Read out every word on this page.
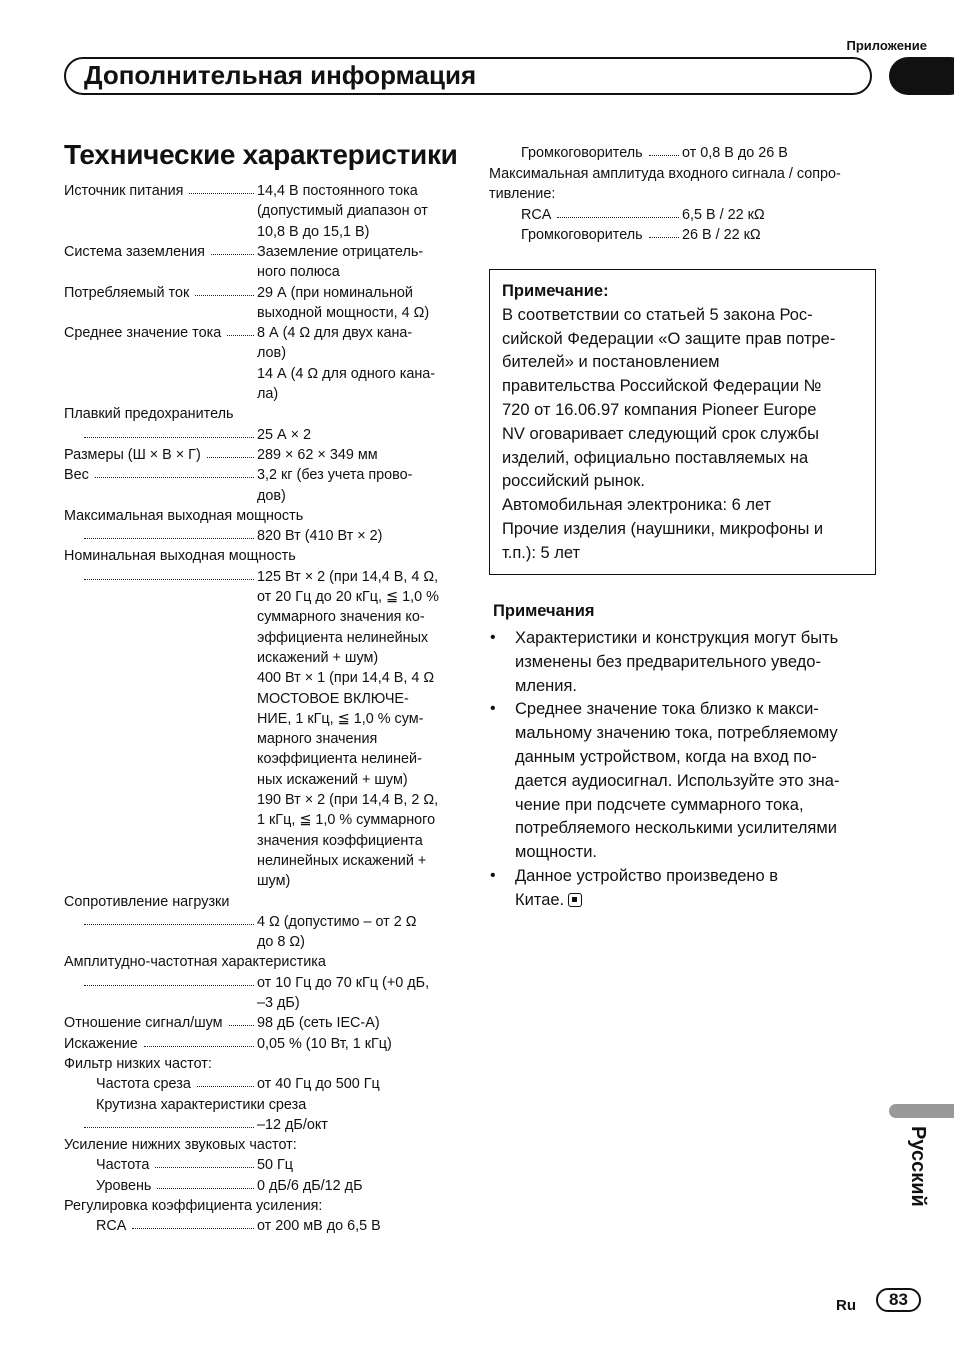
Приложение
Дополнительная информация
Технические характеристики
Источник питания	14,4 В постоянного тока
(допустимый диапазон от
10,8 В до 15,1 В)
Система заземления	Заземление отрицатель-
ного полюса
Потребляемый ток	29 А (при номинальной
выходной мощности, 4 Ω)
Среднее значение тока 8 А (4 Ω для двух кана-
лов)
14 А (4 Ω для одного кана-
ла)
Плавкий предохранитель
25 А × 2
Размеры (Ш × В × Г)	289 × 62 × 349 мм
Вес	3,2 кг (без учета прово-
дов)
Максимальная выходная мощность
820 Вт (410 Вт × 2)
Номинальная выходная мощность
125 Вт × 2 (при 14,4 В, 4 Ω,
от 20 Гц до 20 кГц, ≦ 1,0 %
суммарного значения ко-
эффициента нелинейных
искажений + шум)
400 Вт × 1 (при 14,4 В, 4 Ω
МОСТОВОЕ ВКЛЮЧЕ-
НИЕ, 1 кГц, ≦ 1,0 % сум-
марного значения
коэффициента нелиней-
ных искажений + шум)
190 Вт × 2 (при 14,4 В, 2 Ω,
1 кГц, ≦ 1,0 % суммарного
значения коэффициента
нелинейных искажений +
шум)
Сопротивление нагрузки
4 Ω (допустимо – от 2 Ω
до 8 Ω)
Амплитудно-частотная характеристика
от 10 Гц до 70 кГц (+0 дБ,
–3 дБ)
Отношение сигнал/шум 98 дБ (сеть IEC-A)
Искажение	0,05 % (10 Вт, 1 кГц)
Фильтр низких частот:
Частота среза	от 40 Гц до 500 Гц
Крутизна характеристики среза
–12 дБ/окт
Усиление нижних звуковых частот:
Частота	50 Гц
Уровень	0 дБ/6 дБ/12 дБ
Регулировка коэффициента усиления:
RCA	от 200 мВ до 6,5 В
Громкоговоритель	от 0,8 В до 26 В
Максимальная амплитуда входного сигнала / сопро-
тивление:
RCA	6,5 В / 22 кΩ
Громкоговоритель	26 В / 22 кΩ
Примечание:
В соответствии со статьей 5 закона Рос-
сийской Федерации «О защите прав потре-
бителей» и постановлением
правительства Российской Федерации №
720 от 16.06.97 компания Pioneer Europe
NV оговаривает следующий срок службы
изделий, официально поставляемых на
российский рынок.
Автомобильная электроника: 6 лет
Прочие изделия (наушники, микрофоны и
т.п.): 5 лет
Примечания
• Характеристики и конструкция могут быть
изменены без предварительного уведо-
мления.
• Среднее значение тока близко к макси-
мальному значению тока, потребляемому
данным устройством, когда на вход по-
дается аудиосигнал. Используйте это зна-
чение при подсчете суммарного тока,
потребляемого несколькими усилителями
мощности.
• Данное устройство произведено в
Китае.
Русский
Ru	83
